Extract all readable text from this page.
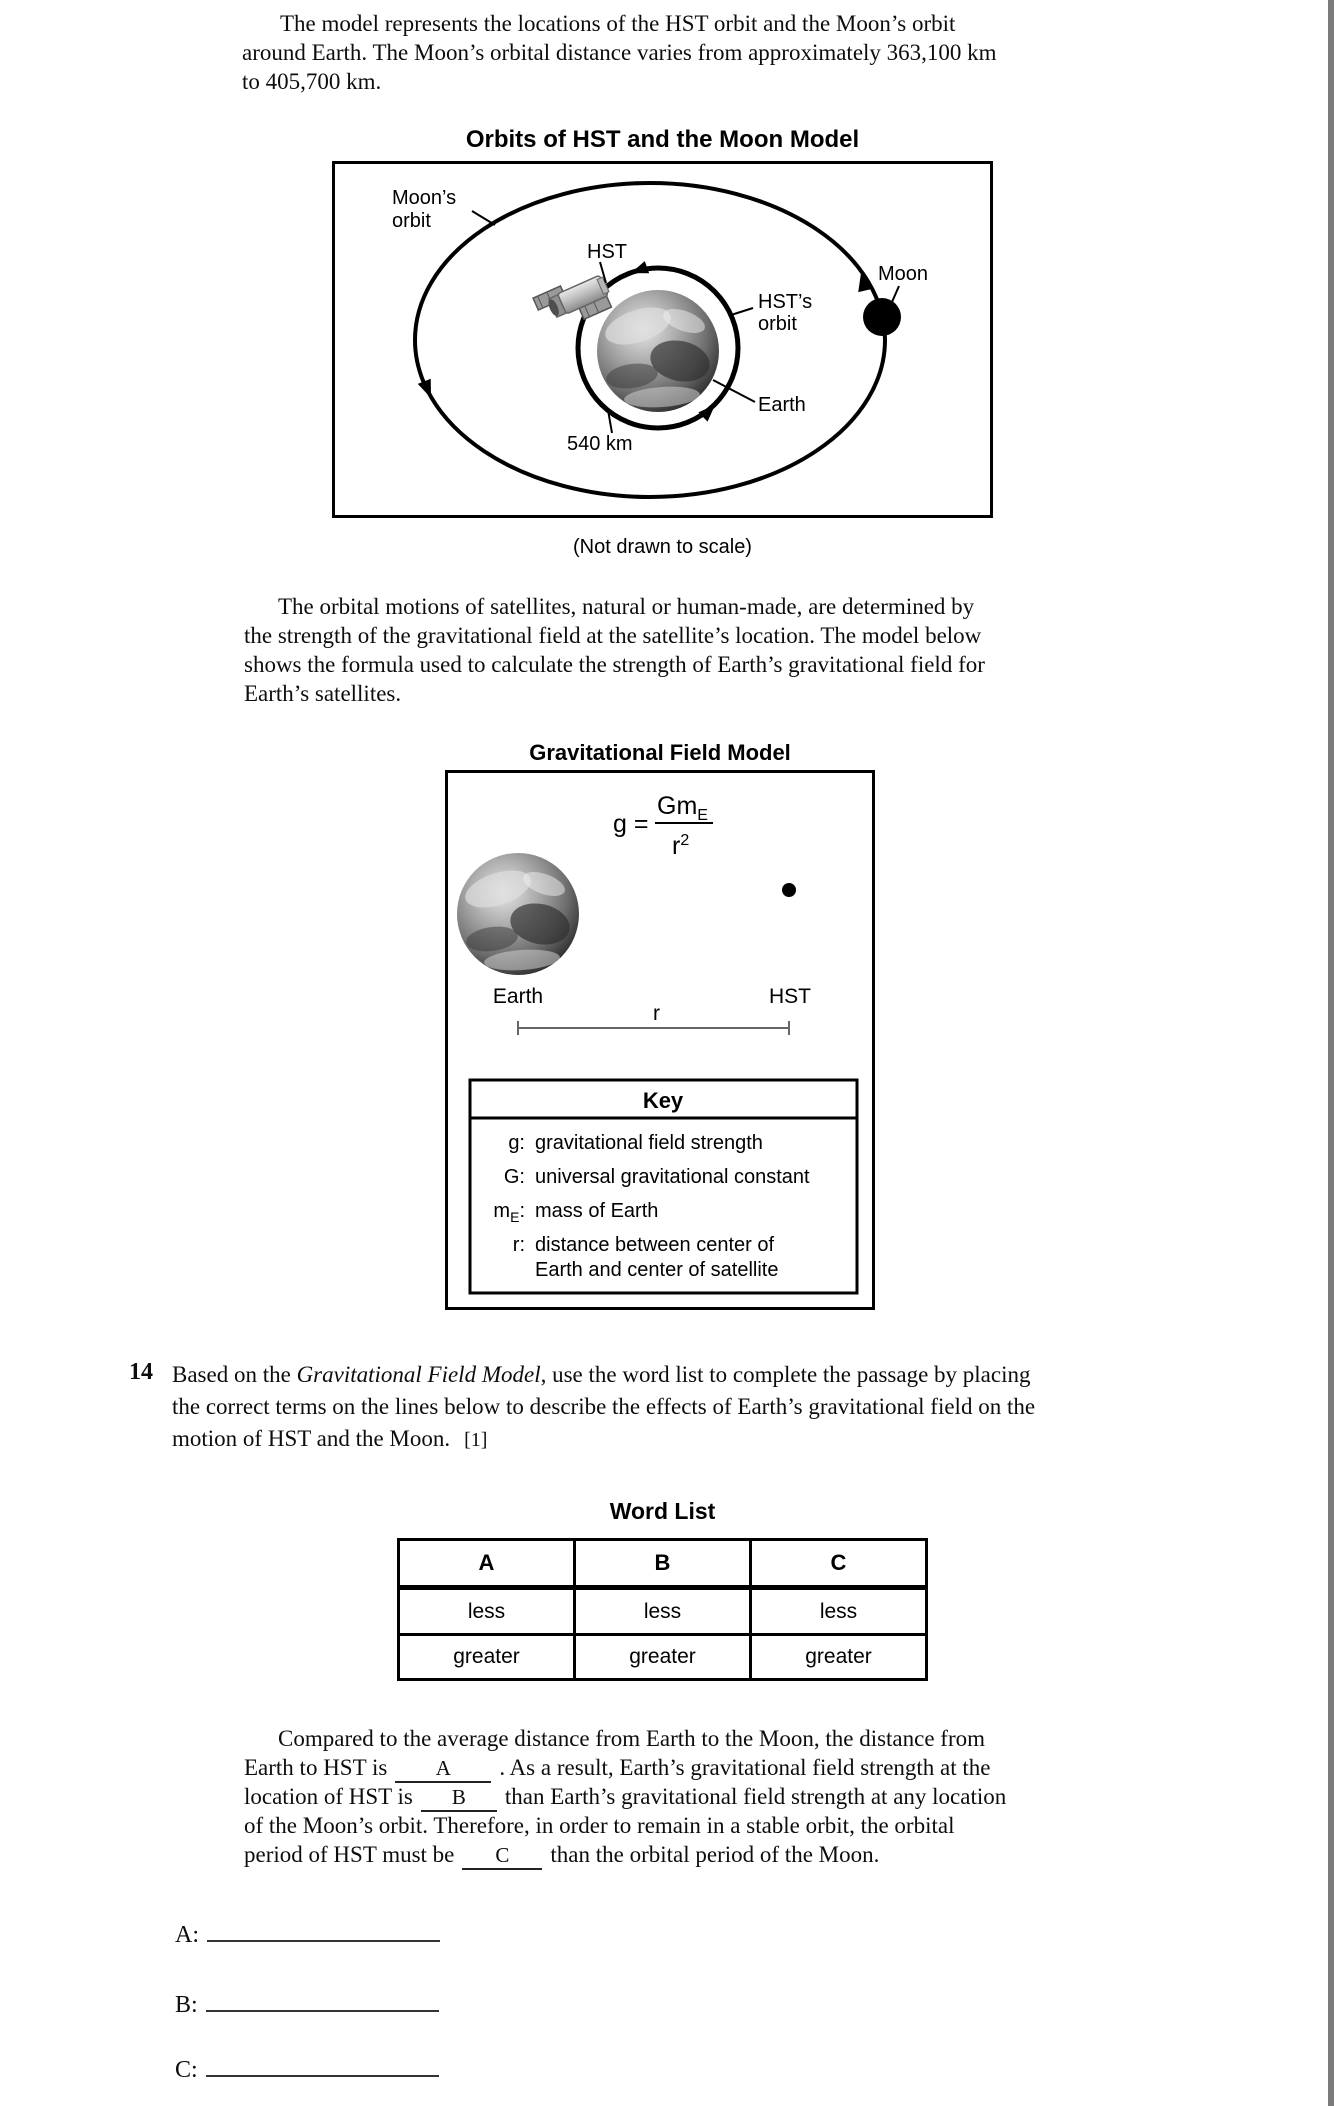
The model represents the locations of the HST orbit and the Moon’s orbit
around Earth. The Moon’s orbital distance varies from approximately 363,100 km
to 405,700 km.
Orbits of HST and the Moon Model
Moon’s
orbit
HST
HST’s
orbit
Earth
540 km
Moon
(Not drawn to scale)
The orbital motions of satellites, natural or human-made, are determined by
the strength of the gravitational field at the satellite’s location. The model below
shows the formula used to calculate the strength of Earth’s gravitational field for
Earth’s satellites.
Gravitational Field Model
g =
$Gm_E$
$r^2$
Earth	HST
r
Key
g: gravitational field strength
G: universal gravitational constant
$m_E$: mass of Earth
r: distance between center of
Earth and center of satellite
14 Based on the Gravitational Field Model, use the word list to complete the passage by placing
the correct terms on the lines below to describe the effects of Earth’s gravitational field on the
motion of HST and the Moon. [1]
Word List
A	B	C
less	less	less
greater	greater	greater
Compared to the average distance from Earth to the Moon, the distance from
Earth to HST is A . As a result, Earth’s gravitational field strength at the
location of HST is B than Earth’s gravitational field strength at any location
of the Moon’s orbit. Therefore, in order to remain in a stable orbit, the orbital
period of HST must be C than the orbital period of the Moon.
A:
B:
C:
